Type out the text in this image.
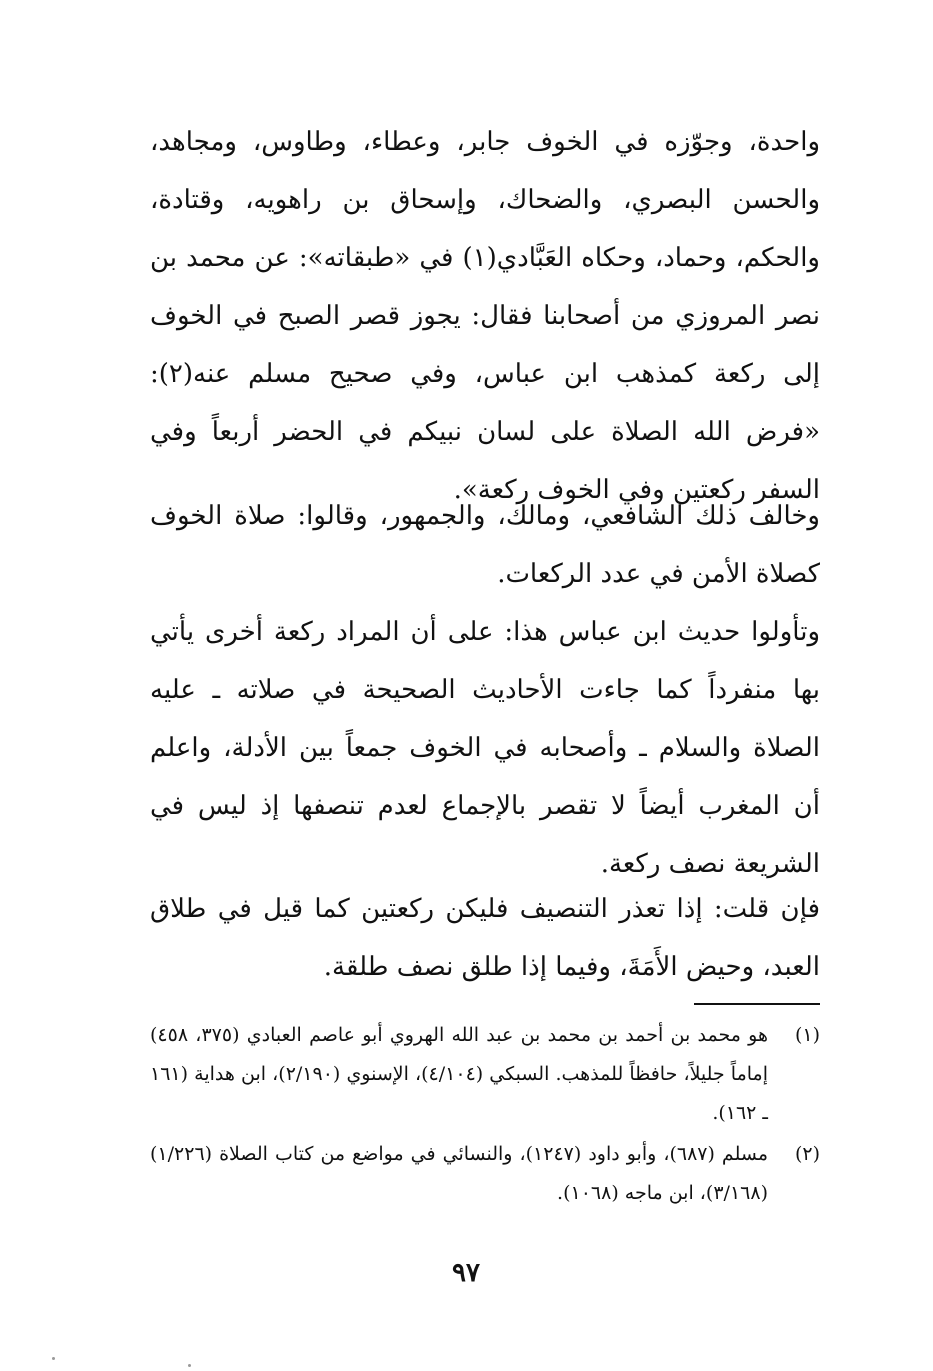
واحدة، وجوّزه في الخوف جابر، وعطاء، وطاوس، ومجاهد، والحسن البصري، والضحاك، وإسحاق بن راهويه، وقتادة، والحكم، وحماد، وحكاه العَبَّادي(١) في «طبقاته»: عن محمد بن نصر المروزي من أصحابنا فقال: يجوز قصر الصبح في الخوف إلى ركعة كمذهب ابن عباس، وفي صحيح مسلم عنه(٢): «فرض الله الصلاة على لسان نبيكم في الحضر أربعاً وفي السفر ركعتين وفي الخوف ركعة».

وخالف ذلك الشافعي، ومالك، والجمهور، وقالوا: صلاة الخوف كصلاة الأمن في عدد الركعات.

وتأولوا حديث ابن عباس هذا: على أن المراد ركعة أخرى يأتي بها منفرداً كما جاءت الأحاديث الصحيحة في صلاته ـ عليه الصلاة والسلام ـ وأصحابه في الخوف جمعاً بين الأدلة، واعلم أن المغرب أيضاً لا تقصر بالإجماع لعدم تنصفها إذ ليس في الشريعة نصف ركعة.

فإن قلت: إذا تعذر التنصيف فليكن ركعتين كما قيل في طلاق العبد، وحيض الأَمَةَ، وفيما إذا طلق نصف طلقة.

(١)
هو محمد بن أحمد بن محمد بن عبد الله الهروي أبو عاصم العبادي (٣٧٥، ٤٥٨) إماماً جليلاً، حافظاً للمذهب. السبكي (٤/١٠٤)، الإسنوي (٢/١٩٠)، ابن هداية (١٦١ ـ ١٦٢).
(٢)
مسلم (٦٨٧)، وأبو داود (١٢٤٧)، والنسائي في مواضع من كتاب الصلاة (١/٢٢٦) (٣/١٦٨)، ابن ماجه (١٠٦٨).
٩٧
